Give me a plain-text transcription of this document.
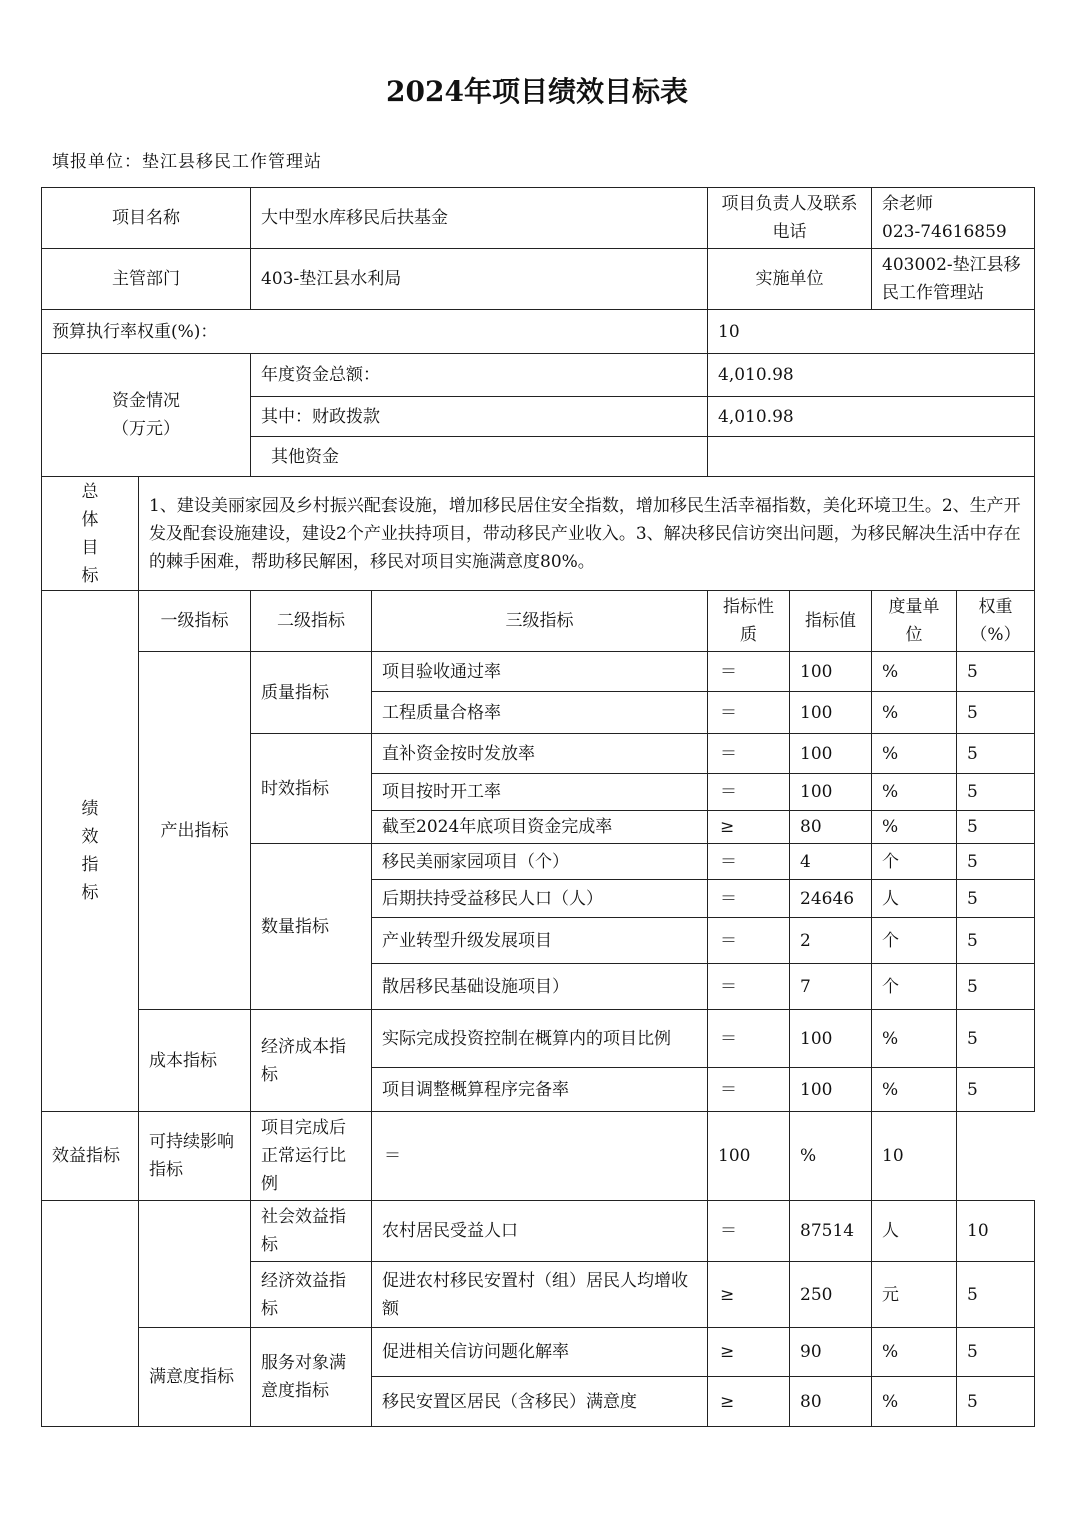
2024年项目绩效目标表
填报单位：垫江县移民工作管理站
项目名称		大中型水库移民后扶基金		项目负责人及联系电话		余老师
023-74616859	

主管部门		403-垫江县水利局		实施单位		403002-垫江县移民工作管理站	
预算执行率权重(%)：				10			
资金情况（万元）		年度资金总额：		4,010.98			
		其中：财政拨款		4,010.98			
		其他资金					
总体目标	1、建设美丽家园及乡村振兴配套设施，增加移民居住安全指数，增加移民生活幸福指数，美化环境卫生。2、生产开发及配套设施建设，建设2个产业扶持项目，带动移民产业收入。3、解决移民信访突出问题，为移民解决生活中存在的棘手困难，帮助移民解困，移民对项目实施满意度80%。						
绩效指标	一级指标	二级指标	三级指标	指标性质	指标值	度量单位	权重（%）
	产出指标	质量指标	项目验收通过率	＝	100	%	5
			工程质量合格率	＝	100	%	5
		时效指标	直补资金按时发放率	＝	100	%	5
			项目按时开工率	＝	100	%	5
			截至2024年底项目资金完成率	≥	80	%	5
		数量指标	移民美丽家园项目（个）	＝	4	个	5
			后期扶持受益移民人口（人）	＝	24646	人	5
			产业转型升级发展项目	＝	2	个	5
			散居移民基础设施项目）	＝	7	个	5
	成本指标	经济成本指标	实际完成投资控制在概算内的项目比例	＝	100	%	5
			项目调整概算程序完备率	＝	100	%	5
效益指标	可持续影响指标	项目完成后正常运行比例	＝	100	%	10	
		社会效益指标	农村居民受益人口	＝	87514	人	10
		经济效益指标	促进农村移民安置村（组）居民人均增收额	≥	250	元	5
	满意度指标	服务对象满意度指标	促进相关信访问题化解率	≥	90	%	5
			移民安置区居民（含移民）满意度	≥	80	%	5
